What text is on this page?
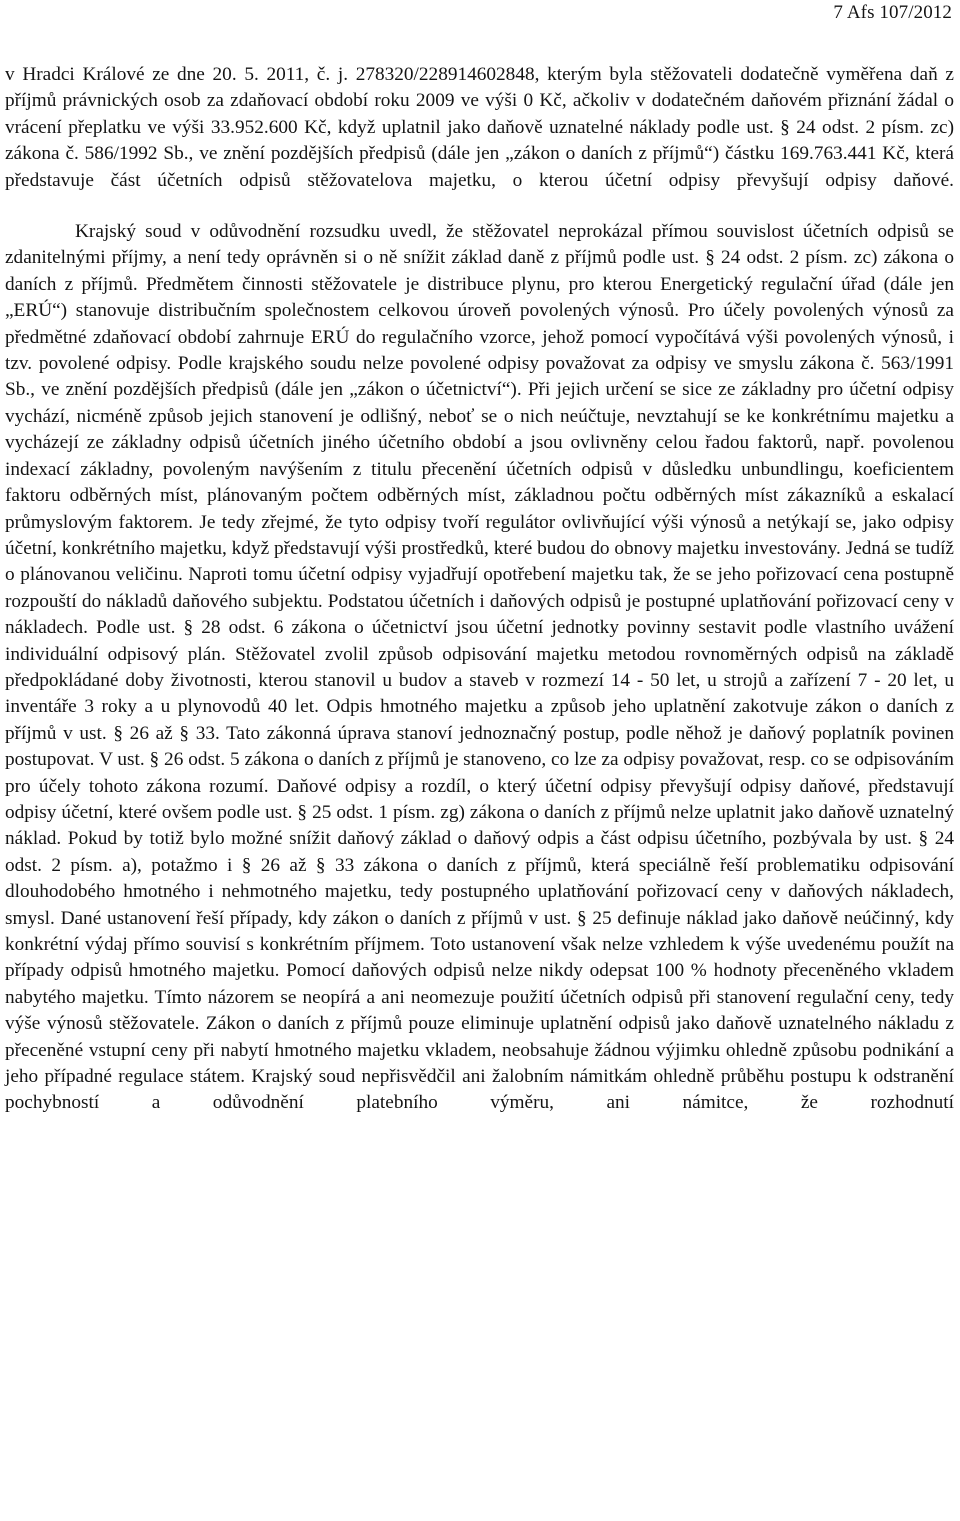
7 Afs 107/2012

v Hradci Králové ze dne 20. 5. 2011, č. j. 278320/228914602848, kterým byla stěžovateli dodatečně vyměřena daň z příjmů právnických osob za zdaňovací období roku 2009 ve výši 0 Kč, ačkoliv v dodatečném daňovém přiznání žádal o vrácení přeplatku ve výši 33.952.600 Kč, když uplatnil jako daňově uznatelné náklady podle ust. § 24 odst. 2 písm. zc) zákona č. 586/1992 Sb., ve znění pozdějších předpisů (dále jen „zákon o daních z příjmů“) částku 169.763.441 Kč, která představuje část účetních odpisů stěžovatelova majetku, o kterou účetní odpisy převyšují odpisy daňové.

Krajský soud v odůvodnění rozsudku uvedl, že stěžovatel neprokázal přímou souvislost účetních odpisů se zdanitelnými příjmy, a není tedy oprávněn si o ně snížit základ daně z příjmů podle ust. § 24 odst. 2 písm. zc) zákona o daních z příjmů. Předmětem činnosti stěžovatele je distribuce plynu, pro kterou Energetický regulační úřad (dále jen „ERÚ“) stanovuje distribučním společnostem celkovou úroveň povolených výnosů. Pro účely povolených výnosů za předmětné zdaňovací období zahrnuje ERÚ do regulačního vzorce, jehož pomocí vypočítává výši povolených výnosů, i tzv. povolené odpisy. Podle krajského soudu nelze povolené odpisy považovat za odpisy ve smyslu zákona č. 563/1991 Sb., ve znění pozdějších předpisů (dále jen „zákon o účetnictví“). Při jejich určení se sice ze základny pro účetní odpisy vychází, nicméně způsob jejich stanovení je odlišný, neboť se o nich neúčtuje, nevztahují se ke konkrétnímu majetku a vycházejí ze základny odpisů účetních jiného účetního období a jsou ovlivněny celou řadou faktorů, např. povolenou indexací základny, povoleným navýšením z titulu přecenění účetních odpisů v důsledku unbundlingu, koeficientem faktoru odběrných míst, plánovaným počtem odběrných míst, základnou počtu odběrných míst zákazníků a eskalací průmyslovým faktorem. Je tedy zřejmé, že tyto odpisy tvoří regulátor ovlivňující výši výnosů a netýkají se, jako odpisy účetní, konkrétního majetku, když představují výši prostředků, které budou do obnovy majetku investovány. Jedná se tudíž o plánovanou veličinu. Naproti tomu účetní odpisy vyjadřují opotřebení majetku tak, že se jeho pořizovací cena postupně rozpouští do nákladů daňového subjektu. Podstatou účetních i daňových odpisů je postupné uplatňování pořizovací ceny v nákladech. Podle ust. § 28 odst. 6 zákona o účetnictví jsou účetní jednotky povinny sestavit podle vlastního uvážení individuální odpisový plán. Stěžovatel zvolil způsob odpisování majetku metodou rovnoměrných odpisů na základě předpokládané doby životnosti, kterou stanovil u budov a staveb v rozmezí 14 - 50 let, u strojů a zařízení 7 - 20 let, u inventáře 3 roky a u plynovodů 40 let. Odpis hmotného majetku a způsob jeho uplatnění zakotvuje zákon o daních z příjmů v ust. § 26 až § 33. Tato zákonná úprava stanoví jednoznačný postup, podle něhož je daňový poplatník povinen postupovat. V ust. § 26 odst. 5 zákona o daních z příjmů je stanoveno, co lze za odpisy považovat, resp. co se odpisováním pro účely tohoto zákona rozumí. Daňové odpisy a rozdíl, o který účetní odpisy převyšují odpisy daňové, představují odpisy účetní, které ovšem podle ust. § 25 odst. 1 písm. zg) zákona o daních z příjmů nelze uplatnit jako daňově uznatelný náklad. Pokud by totiž bylo možné snížit daňový základ o daňový odpis a část odpisu účetního, pozbývala by ust. § 24 odst. 2 písm. a), potažmo i § 26 až § 33 zákona o daních z příjmů, která speciálně řeší problematiku odpisování dlouhodobého hmotného i nehmotného majetku, tedy postupného uplatňování pořizovací ceny v daňových nákladech, smysl. Dané ustanovení řeší případy, kdy zákon o daních z příjmů v ust. § 25 definuje náklad jako daňově neúčinný, kdy konkrétní výdaj přímo souvisí s konkrétním příjmem. Toto ustanovení však nelze vzhledem k výše uvedenému použít na případy odpisů hmotného majetku. Pomocí daňových odpisů nelze nikdy odepsat 100 % hodnoty přeceněného vkladem nabytého majetku. Tímto názorem se neopírá a ani neomezuje použití účetních odpisů při stanovení regulační ceny, tedy výše výnosů stěžovatele. Zákon o daních z příjmů pouze eliminuje uplatnění odpisů jako daňově uznatelného nákladu z přeceněné vstupní ceny při nabytí hmotného majetku vkladem, neobsahuje žádnou výjimku ohledně způsobu podnikání a jeho případné regulace státem. Krajský soud nepřisvědčil ani žalobním námitkám ohledně průběhu postupu k odstranění pochybností a odůvodnění platebního výměru, ani námitce, že rozhodnutí
